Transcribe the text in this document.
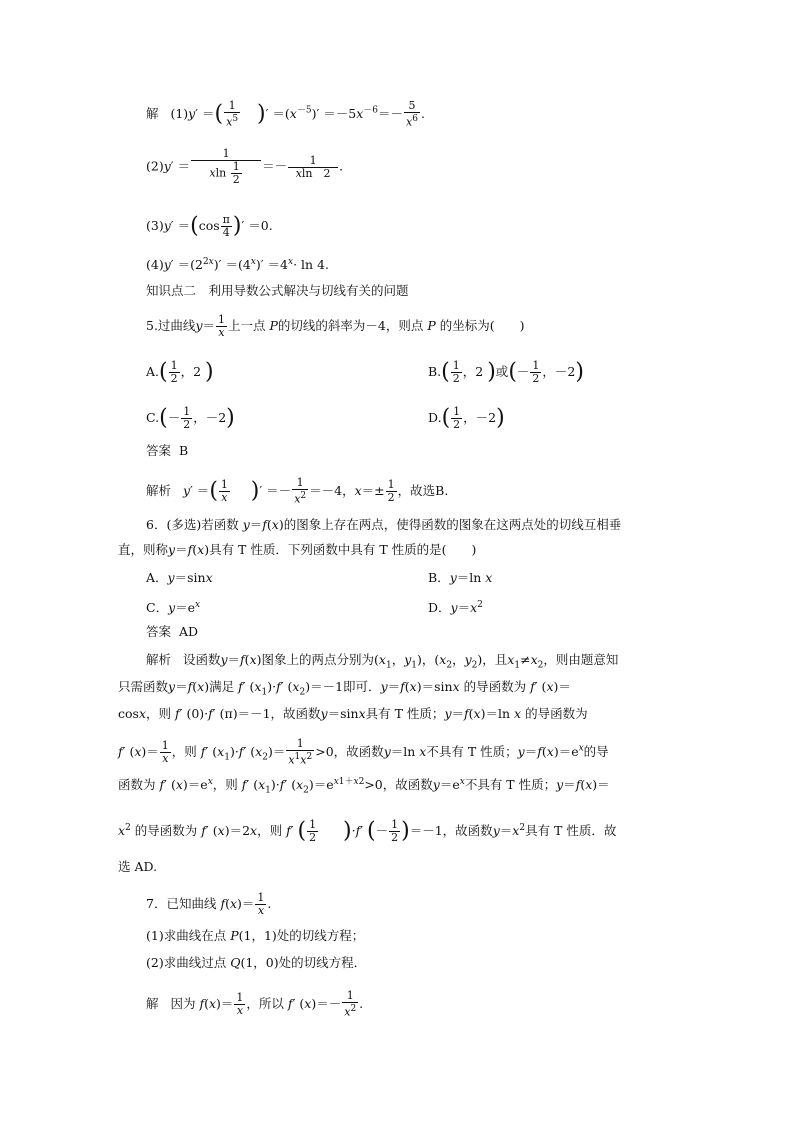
解 (1)y′ ＝( $\frac{1}{x^5}$ )′ $=(x^{-5})' =-5x^{-6}=- \frac{5}{x^6}$ .
$(2)y' = \frac{1}{xln \frac{1}{2}} =- \frac{1}{xln 2}$ .
$(3)y' =(\cos \frac{\pi}{4}$ )′ ＝0.
$(4)y' =(2^{2x})' =(4^x)' =4^x\cdot \ln 4$.
知识点二　利用导数公式解决与切线有关的问题
5.过曲线$y= \frac{1}{x}$ 上一点 P的切线的斜率为－4，则点 P 的坐标为(　　)
$A.( \frac{1}{2}$ ，2 )	$B.( \frac{1}{2}$ ，2 )或(－ $\frac{1}{2}$ ，－2)
$C.(- \frac{1}{2}$ ，－2)	$D.( \frac{1}{2}$ ，－2)
答案 B
解析 y′ ＝( $\frac{1}{x}$ )′ ＝－ $\frac{1}{x^2} =-4$，$x=\pm \frac{1}{2}$ ，故选B.
6．(多选)若函数 y＝f(x)的图象上存在两点，使得函数的图象在这两点处的切线互相垂
直，则称y＝f(x)具有 T 性质．下列函数中具有 T 性质的是(　　)
A．y＝sinx	B．y＝ln x
C．$y=e^x$	D．$y=x^2$
答案 AD
解析 设函数y＝f(x)图象上的两点分别为($x_1$，$y_1$)，($x_2$，$y_2$)，且$x_1\ne x_2$，则由题意知
只需函数y＝f(x)满足 f′ $(x_1)\cdot f'$ $(x_2)=-1$即可．y＝f(x)＝sinx 的导函数为 f′ (x)＝
cosx，则 f′ (0)·f′ (π)＝－1，故函数y＝sinx具有 T 性质；y＝f(x)＝ln x 的导函数为
f′ $(x)= \frac{1}{x}$ ，则 f′ $(x_1)\cdot f'$ $(x_2)= \frac{1}{x^1x^2} >0$，故函数y＝ln x不具有 T 性质；$y=f(x)=e^x$的导
函数为 f′ $(x)=e^x$，则 f′ $(x_1)\cdot f'$ $(x_2)=e^{x1+x2}>0$，故函数$y=e^x$不具有 T 性质；y＝f(x)＝
$x^2$ 的导函数为 f′ (x)＝2x，则 f′ ( $\frac{1}{2} )\cdot f'$ (－ $\frac{1}{2} )=-1$，故函数$y=x^2$具有 T 性质．故
选 AD.
7．已知曲线 $f(x)= \frac{1}{x}$ .
(1)求曲线在点 P(1，1)处的切线方程；
(2)求曲线过点 Q(1，0)处的切线方程．
解 因为 $f(x)= \frac{1}{x}$ ，所以 f′ $(x)=- \frac{1}{x^2}$ .
